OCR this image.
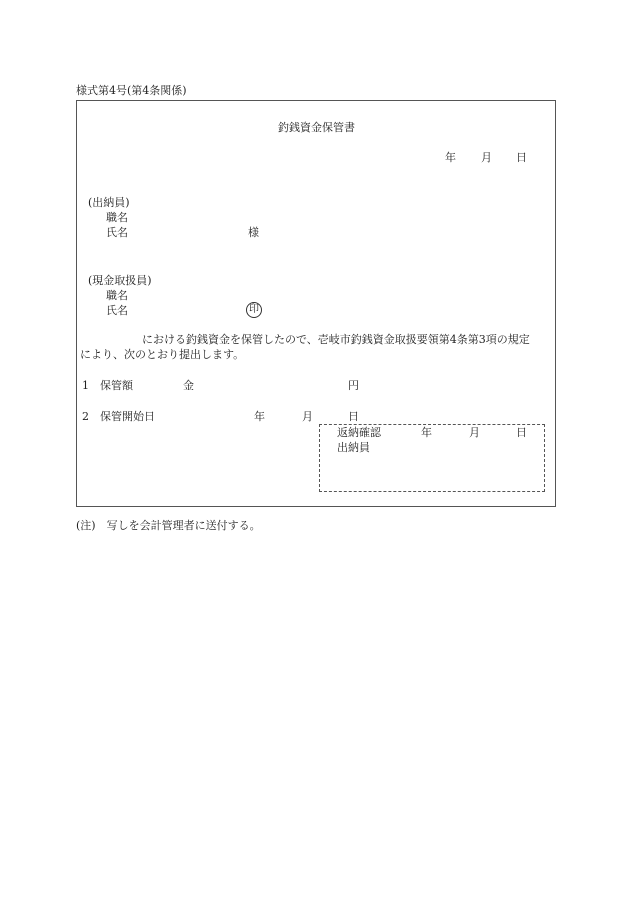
様式第4号(第4条関係)
釣銭資金保管書
年 月 日
(出納員)
職名
氏名	様
(現金取扱員)
職名
氏名	印
における釣銭資金を保管したので、壱岐市釣銭資金取扱要領第4条第3項の規定
により、次のとおり提出します。
1 保管額	金	円
2 保管開始日	年	月	日
返納確認	年	月	日
出納員
(注)　写しを会計管理者に送付する。
